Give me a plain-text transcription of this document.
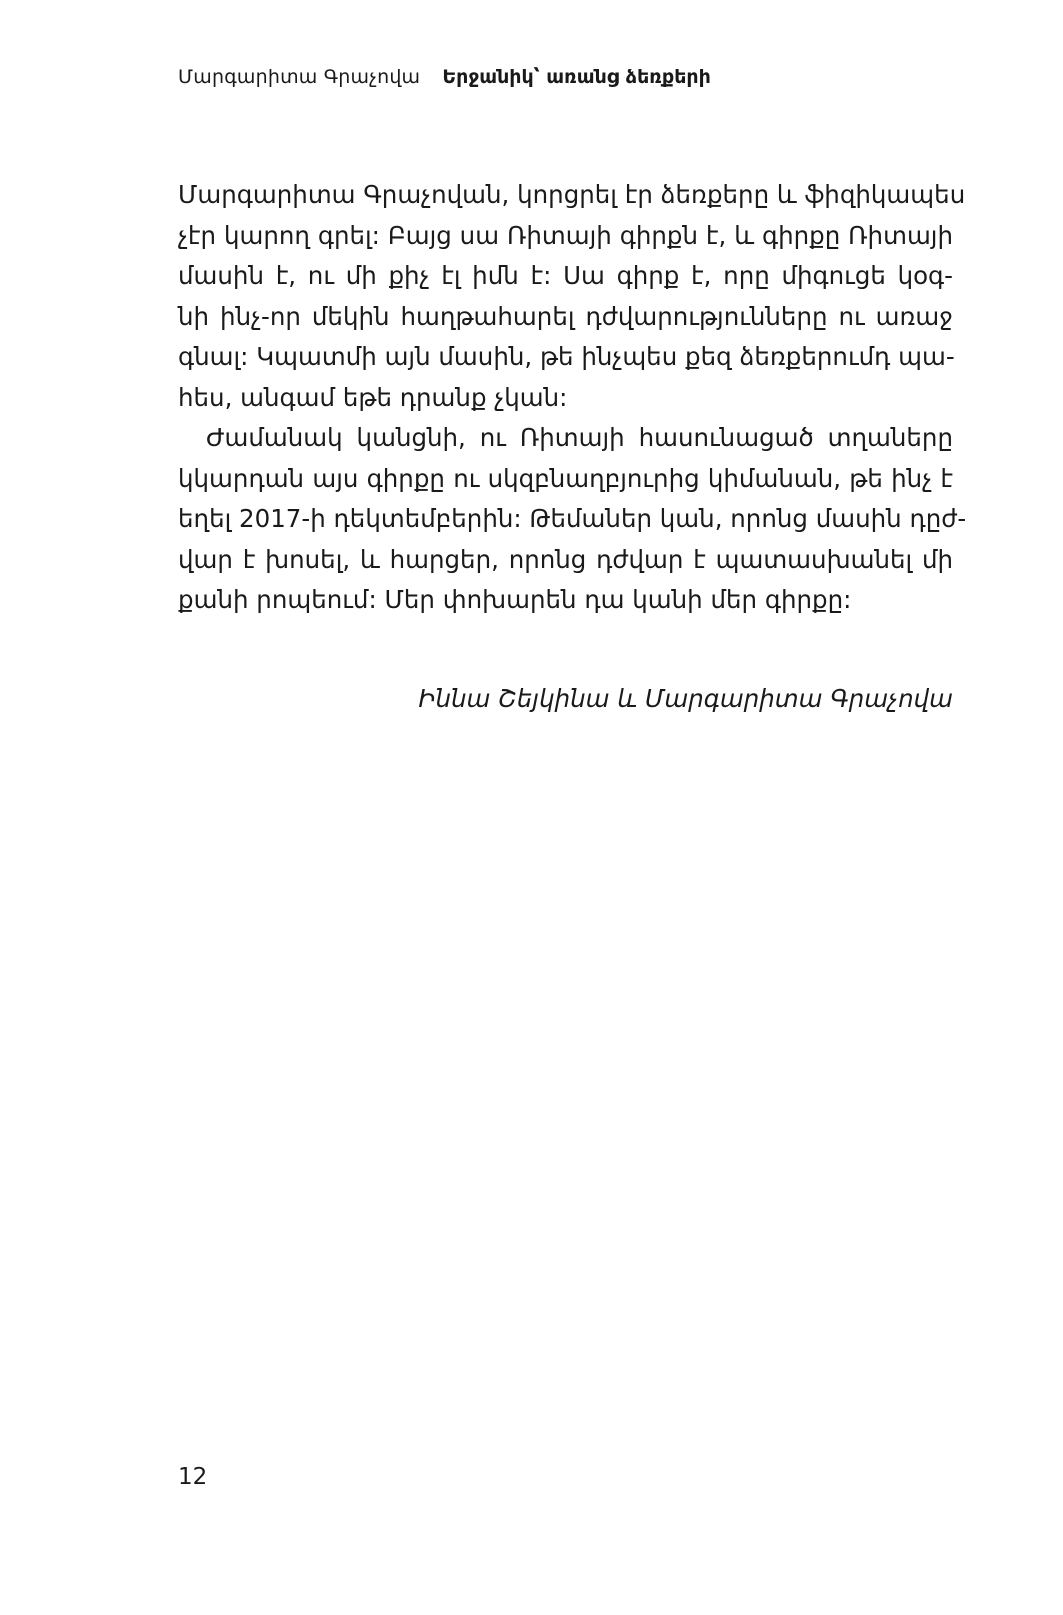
Մարգարիտա Գրաչովա Երջանիկ՝ առանց ձեռքերի
Մարգարիտա Գրաչովան, կորցրել էր ձեռքերը և ֆիզիկապես
չէր կարող գրել: Բայց սա Ռիտայի գիրքն է, և գիրքը Ռիտայի
մասին է, ու մի քիչ էլ իմն է: Սա գիրք է, որը միգուցե կօգ-
նի ինչ-որ մեկին հաղթահարել դժվարությունները ու առաջ
գնալ: Կպատմի այն մասին, թե ինչպես քեզ ձեռքերումդ պա-
հես, անգամ եթե դրանք չկան:
Ժամանակ կանցնի, ու Ռիտայի հասունացած տղաները
կկարդան այս գիրքը ու սկզբնաղբյուրից կիմանան, թե ինչ է
եղել 2017-ի դեկտեմբերին: Թեմաներ կան, որոնց մասին դըժ-
վար է խոսել, և հարցեր, որոնց դժվար է պատասխանել մի
քանի րոպեում: Մեր փոխարեն դա կանի մեր գիրքը:
Իննա Շեյկինա և Մարգարիտա Գրաչովա
12
